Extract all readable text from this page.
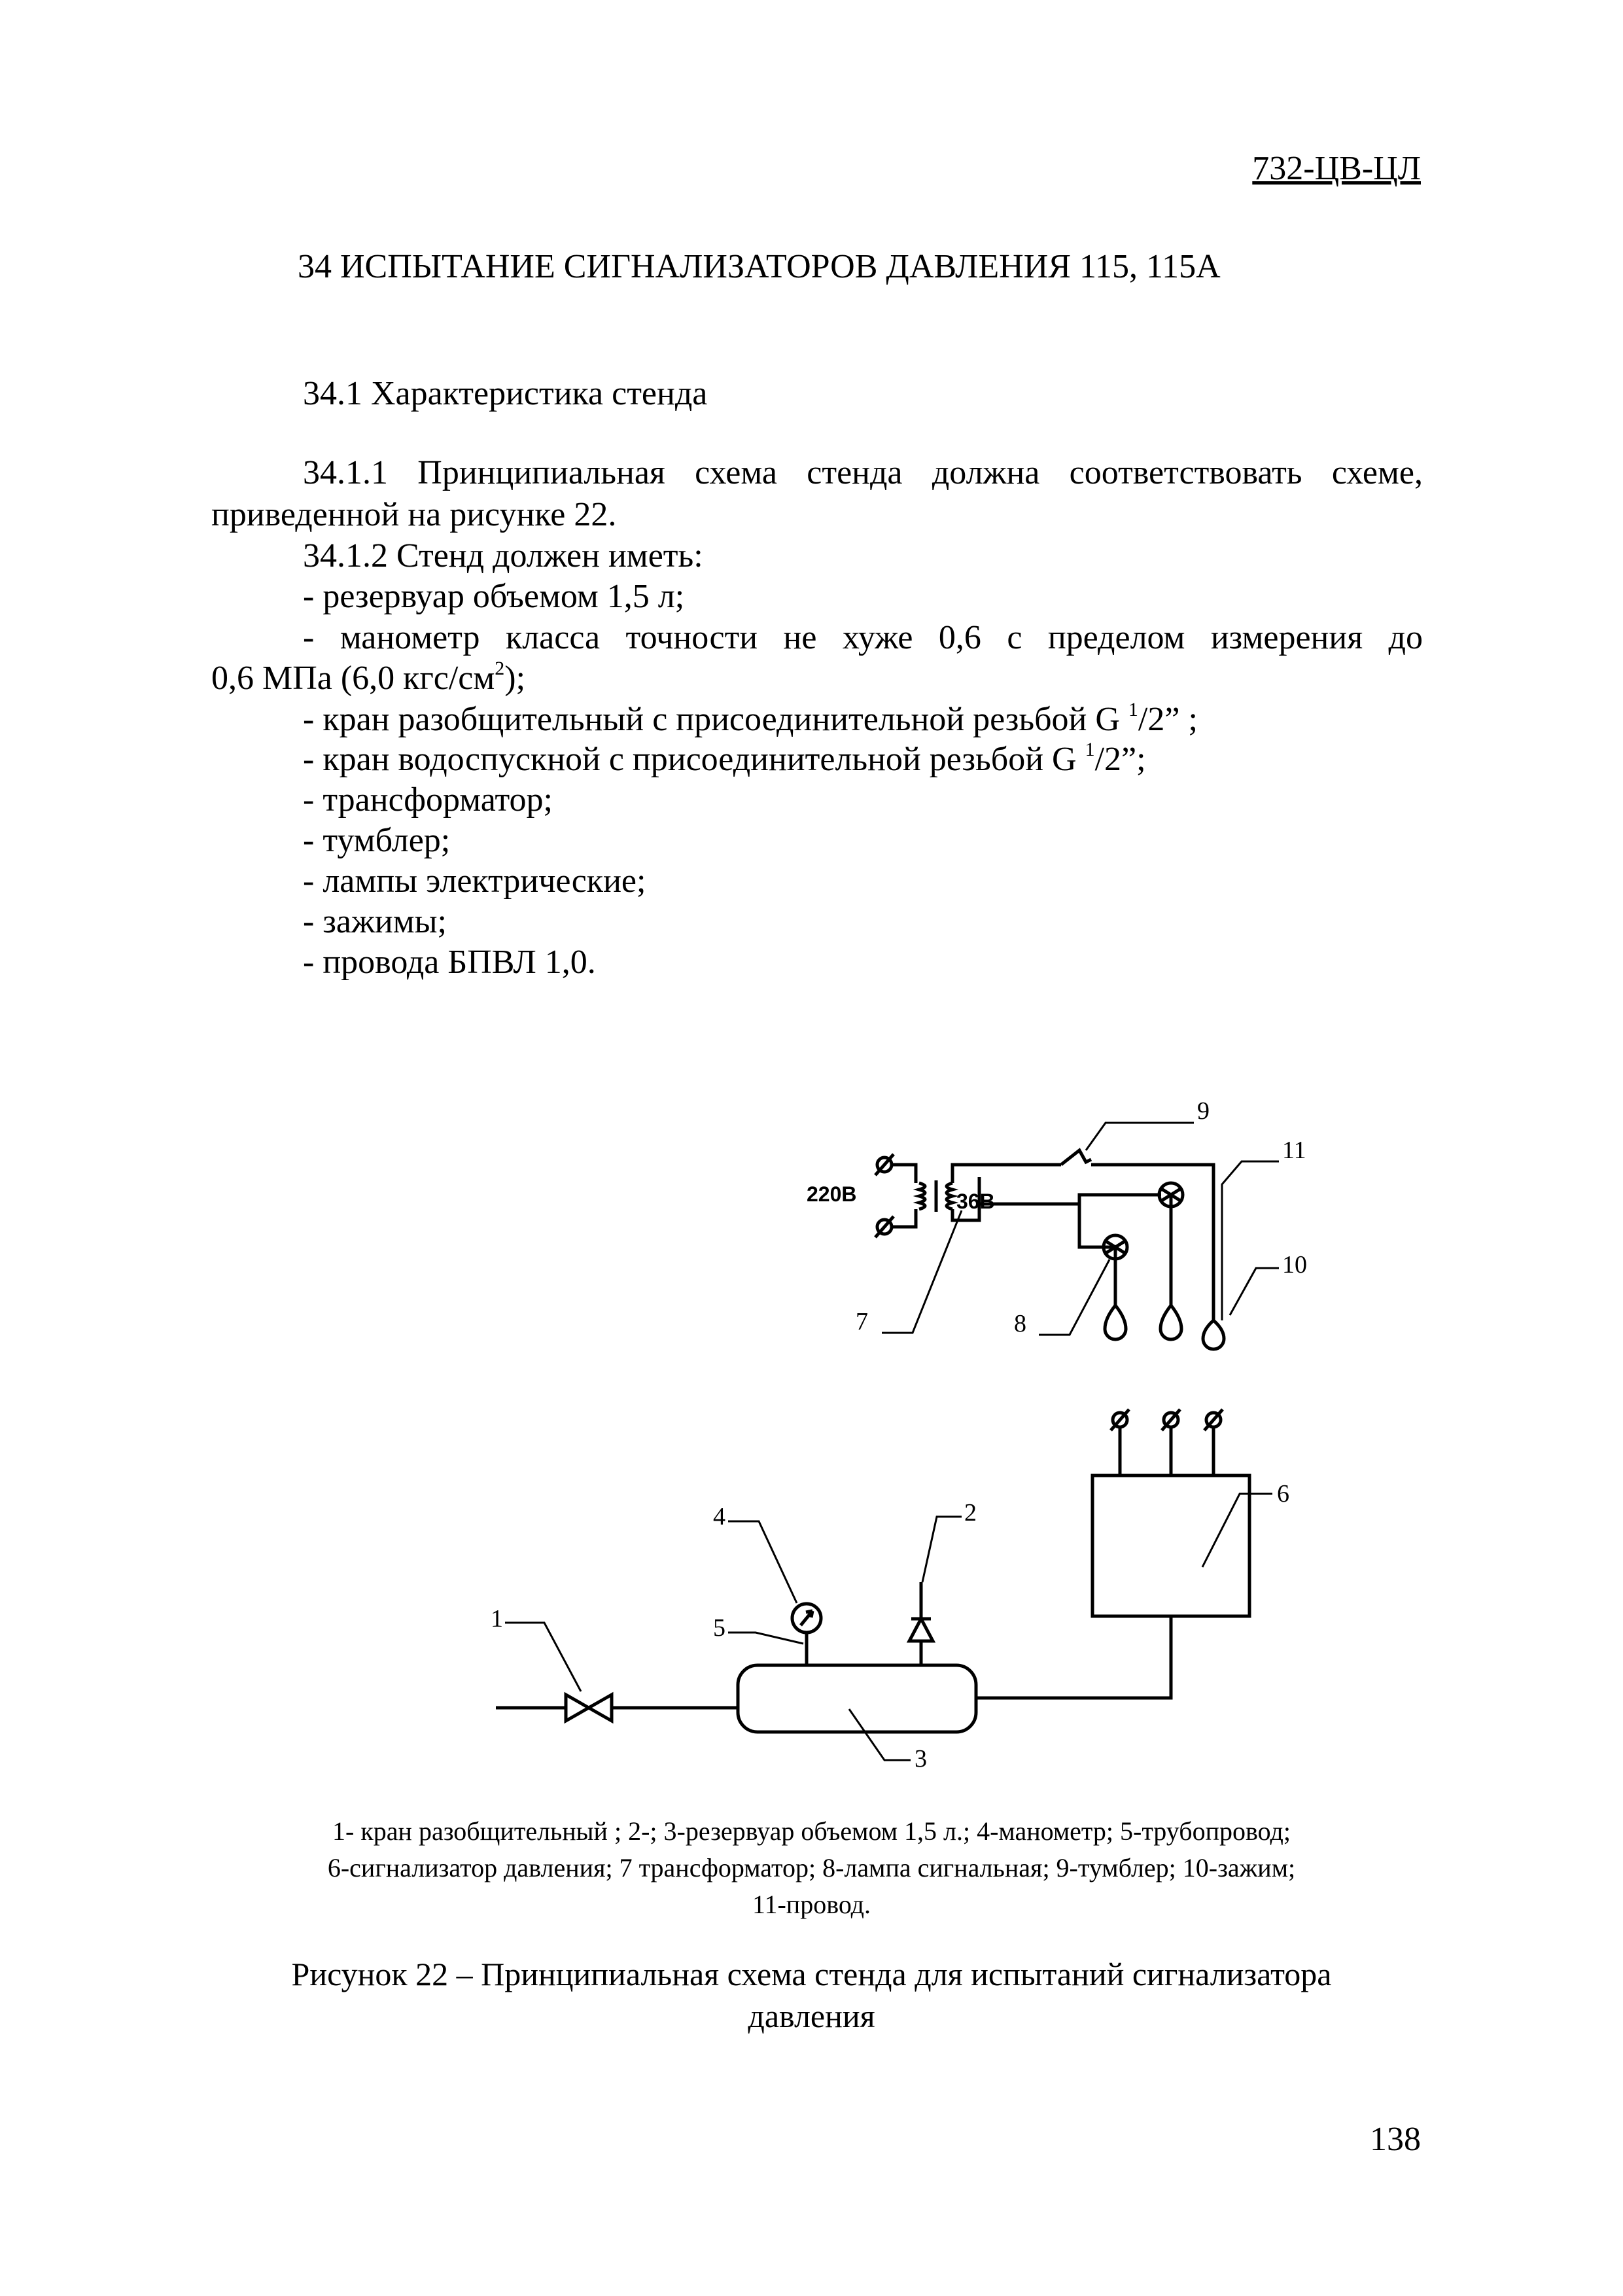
732-ЦВ-ЦЛ
34 ИСПЫТАНИЕ СИГНАЛИЗАТОРОВ ДАВЛЕНИЯ 115, 115А
34.1 Характеристика стенда
34.1.1 Принципиальная схема стенда должна соответствовать схеме,
приведенной на рисунке 22.
34.1.2 Стенд должен иметь:
- резервуар объемом 1,5 л;
- манометр класса точности не хуже 0,6 с пределом измерения до
0,6 МПа (6,0 кгс/$см^2$);
- кран разобщительный с присоединительной резьбой G $^1$/2” ;
- кран водоспускной с присоединительной резьбой G $^1$/2”;
- трансформатор;
- тумблер;
- лампы электрические;
- зажимы;
- провода БПВЛ 1,0.
220В	36В
9
11
10
7	8
6
4	2
1	5
3
1- кран разобщительный ; 2-; 3-резервуар объемом 1,5 л.; 4-манометр; 5-трубопровод;
6-сигнализатор давления; 7 трансформатор; 8-лампа сигнальная; 9-тумблер; 10-зажим;
11-провод.
Рисунок 22 – Принципиальная схема стенда для испытаний сигнализатора
давления
138
